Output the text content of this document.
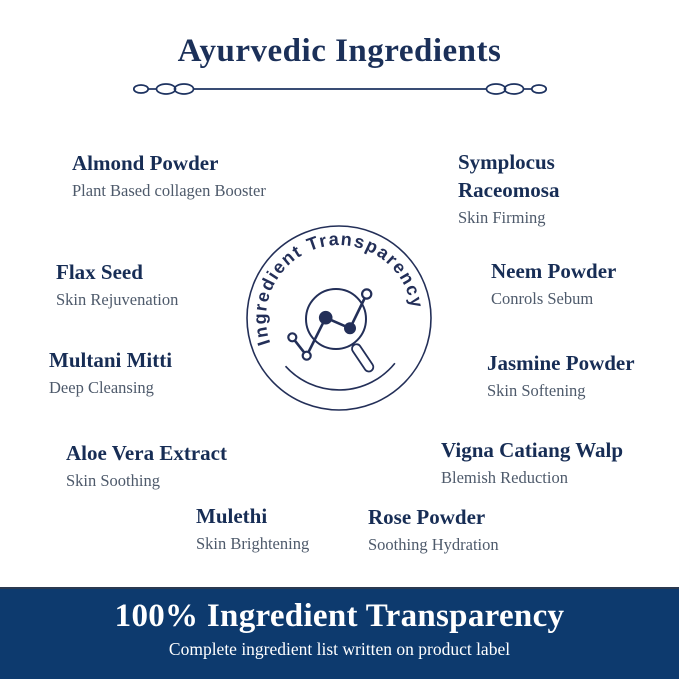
Ayurvedic Ingredients
Almond Powder
Plant Based collagen Booster
Symplocus Raceomosa
Skin Firming
Flax Seed
Skin Rejuvenation
Neem Powder
Conrols Sebum
Multani Mitti
Deep Cleansing
Jasmine Powder
Skin Softening
Aloe Vera Extract
Skin Soothing
Vigna Catiang Walp
Blemish Reduction
Mulethi
Skin Brightening
Rose Powder
Soothing Hydration
Ingredient Transparency
100% Ingredient Transparency
Complete ingredient list written on product label
